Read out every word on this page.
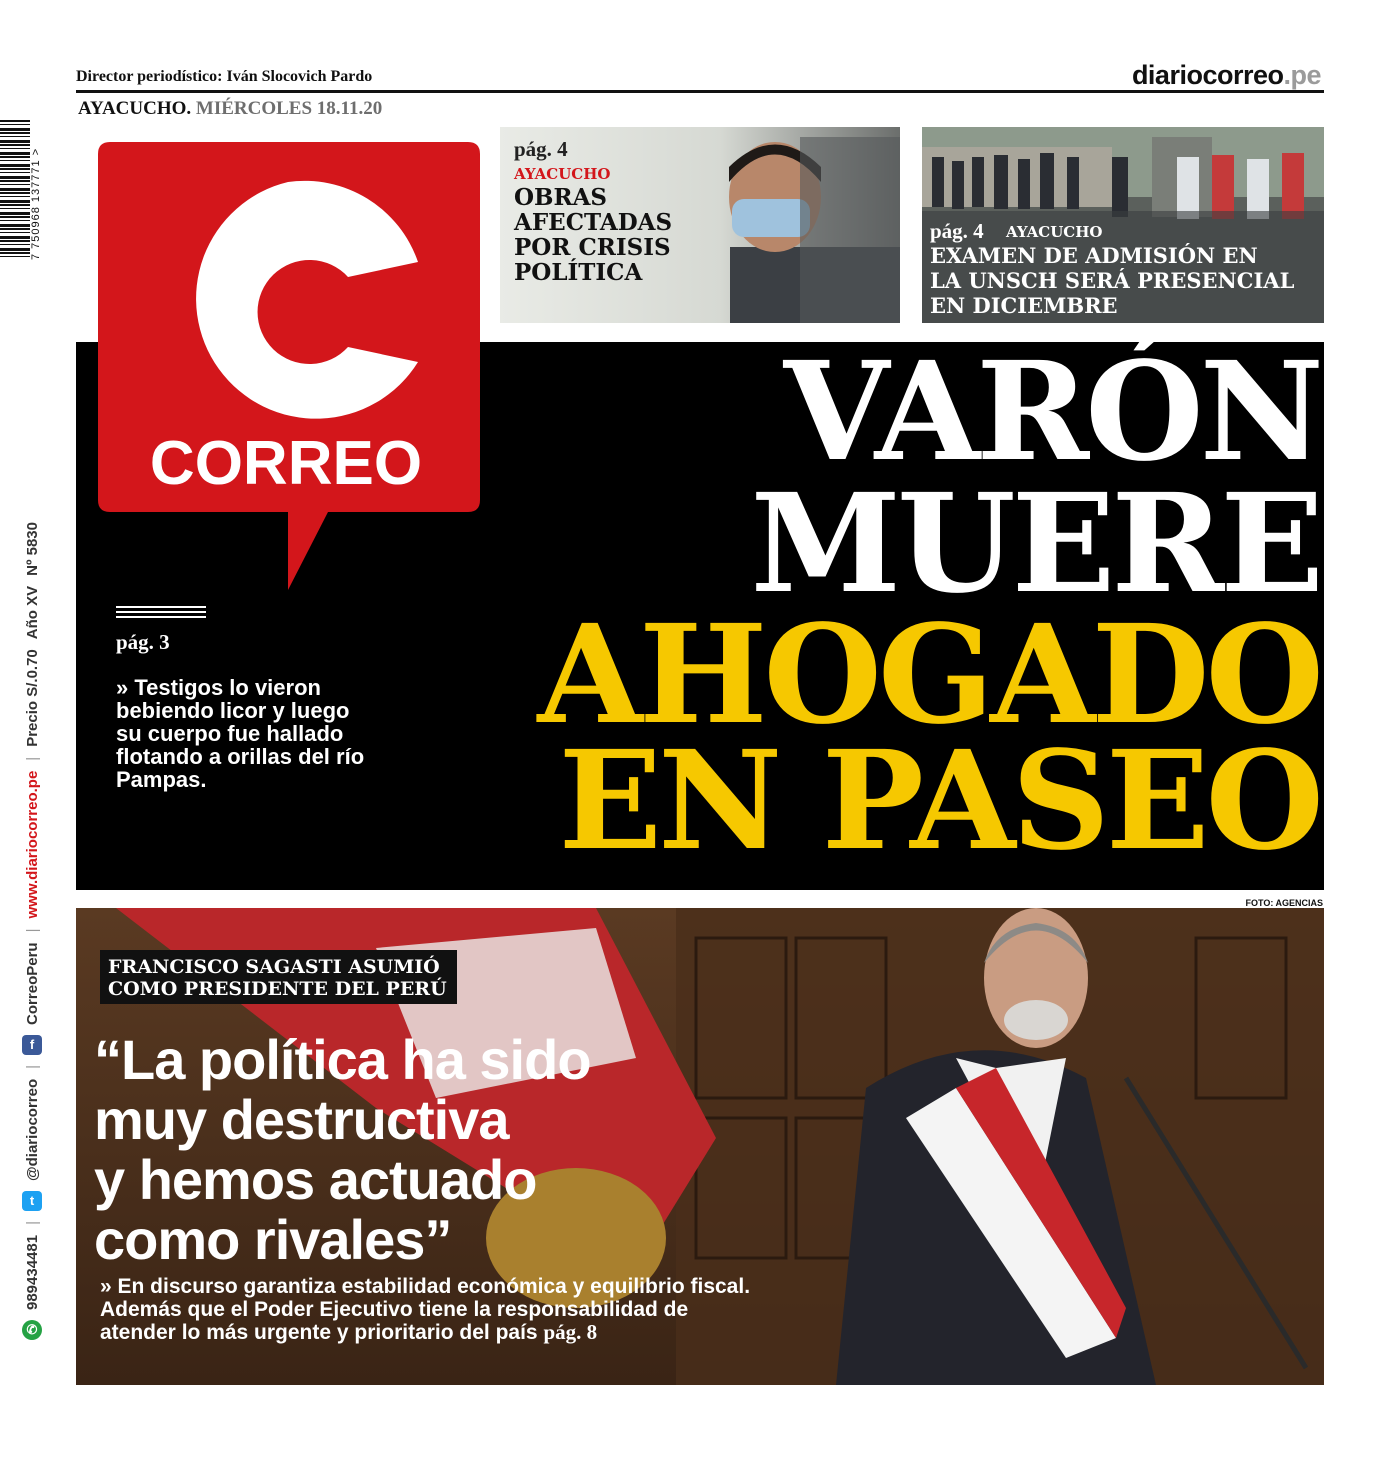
Director periodístico: Iván Slocovich Pardo	diariocorreo.pe
AYACUCHO. MIÉRCOLES 18.11.20
7 750968 137771 >
✆
989434481
|
t
@diariocorreo
|
f
CorreoPeru
|
www.diariocorreo.pe
|
Precio S/.0.70
Año XV
Nº 5830
pág. 4
AYACUCHO
OBRAS
AFECTADAS
POR CRISIS
POLÍTICA
pág. 4 AYACUCHO
EXAMEN DE ADMISIÓN EN
LA UNSCH SERÁ PRESENCIAL
EN DICIEMBRE
CORREO
pág. 3
» Testigos lo vieron bebiendo licor y luego su cuerpo fue hallado flotando a orillas del río Pampas.
VARÓN
MUERE
AHOGADO
EN PASEO
FOTO: AGENCIAS
FRANCISCO SAGASTI ASUMIÓ
COMO PRESIDENTE DEL PERÚ
“La política ha sido
muy destructiva
y hemos actuado
como rivales”
» En discurso garantiza estabilidad económica y equilibrio fiscal. Además que el Poder Ejecutivo tiene la responsabilidad de atender lo más urgente y prioritario del país pág. 8
